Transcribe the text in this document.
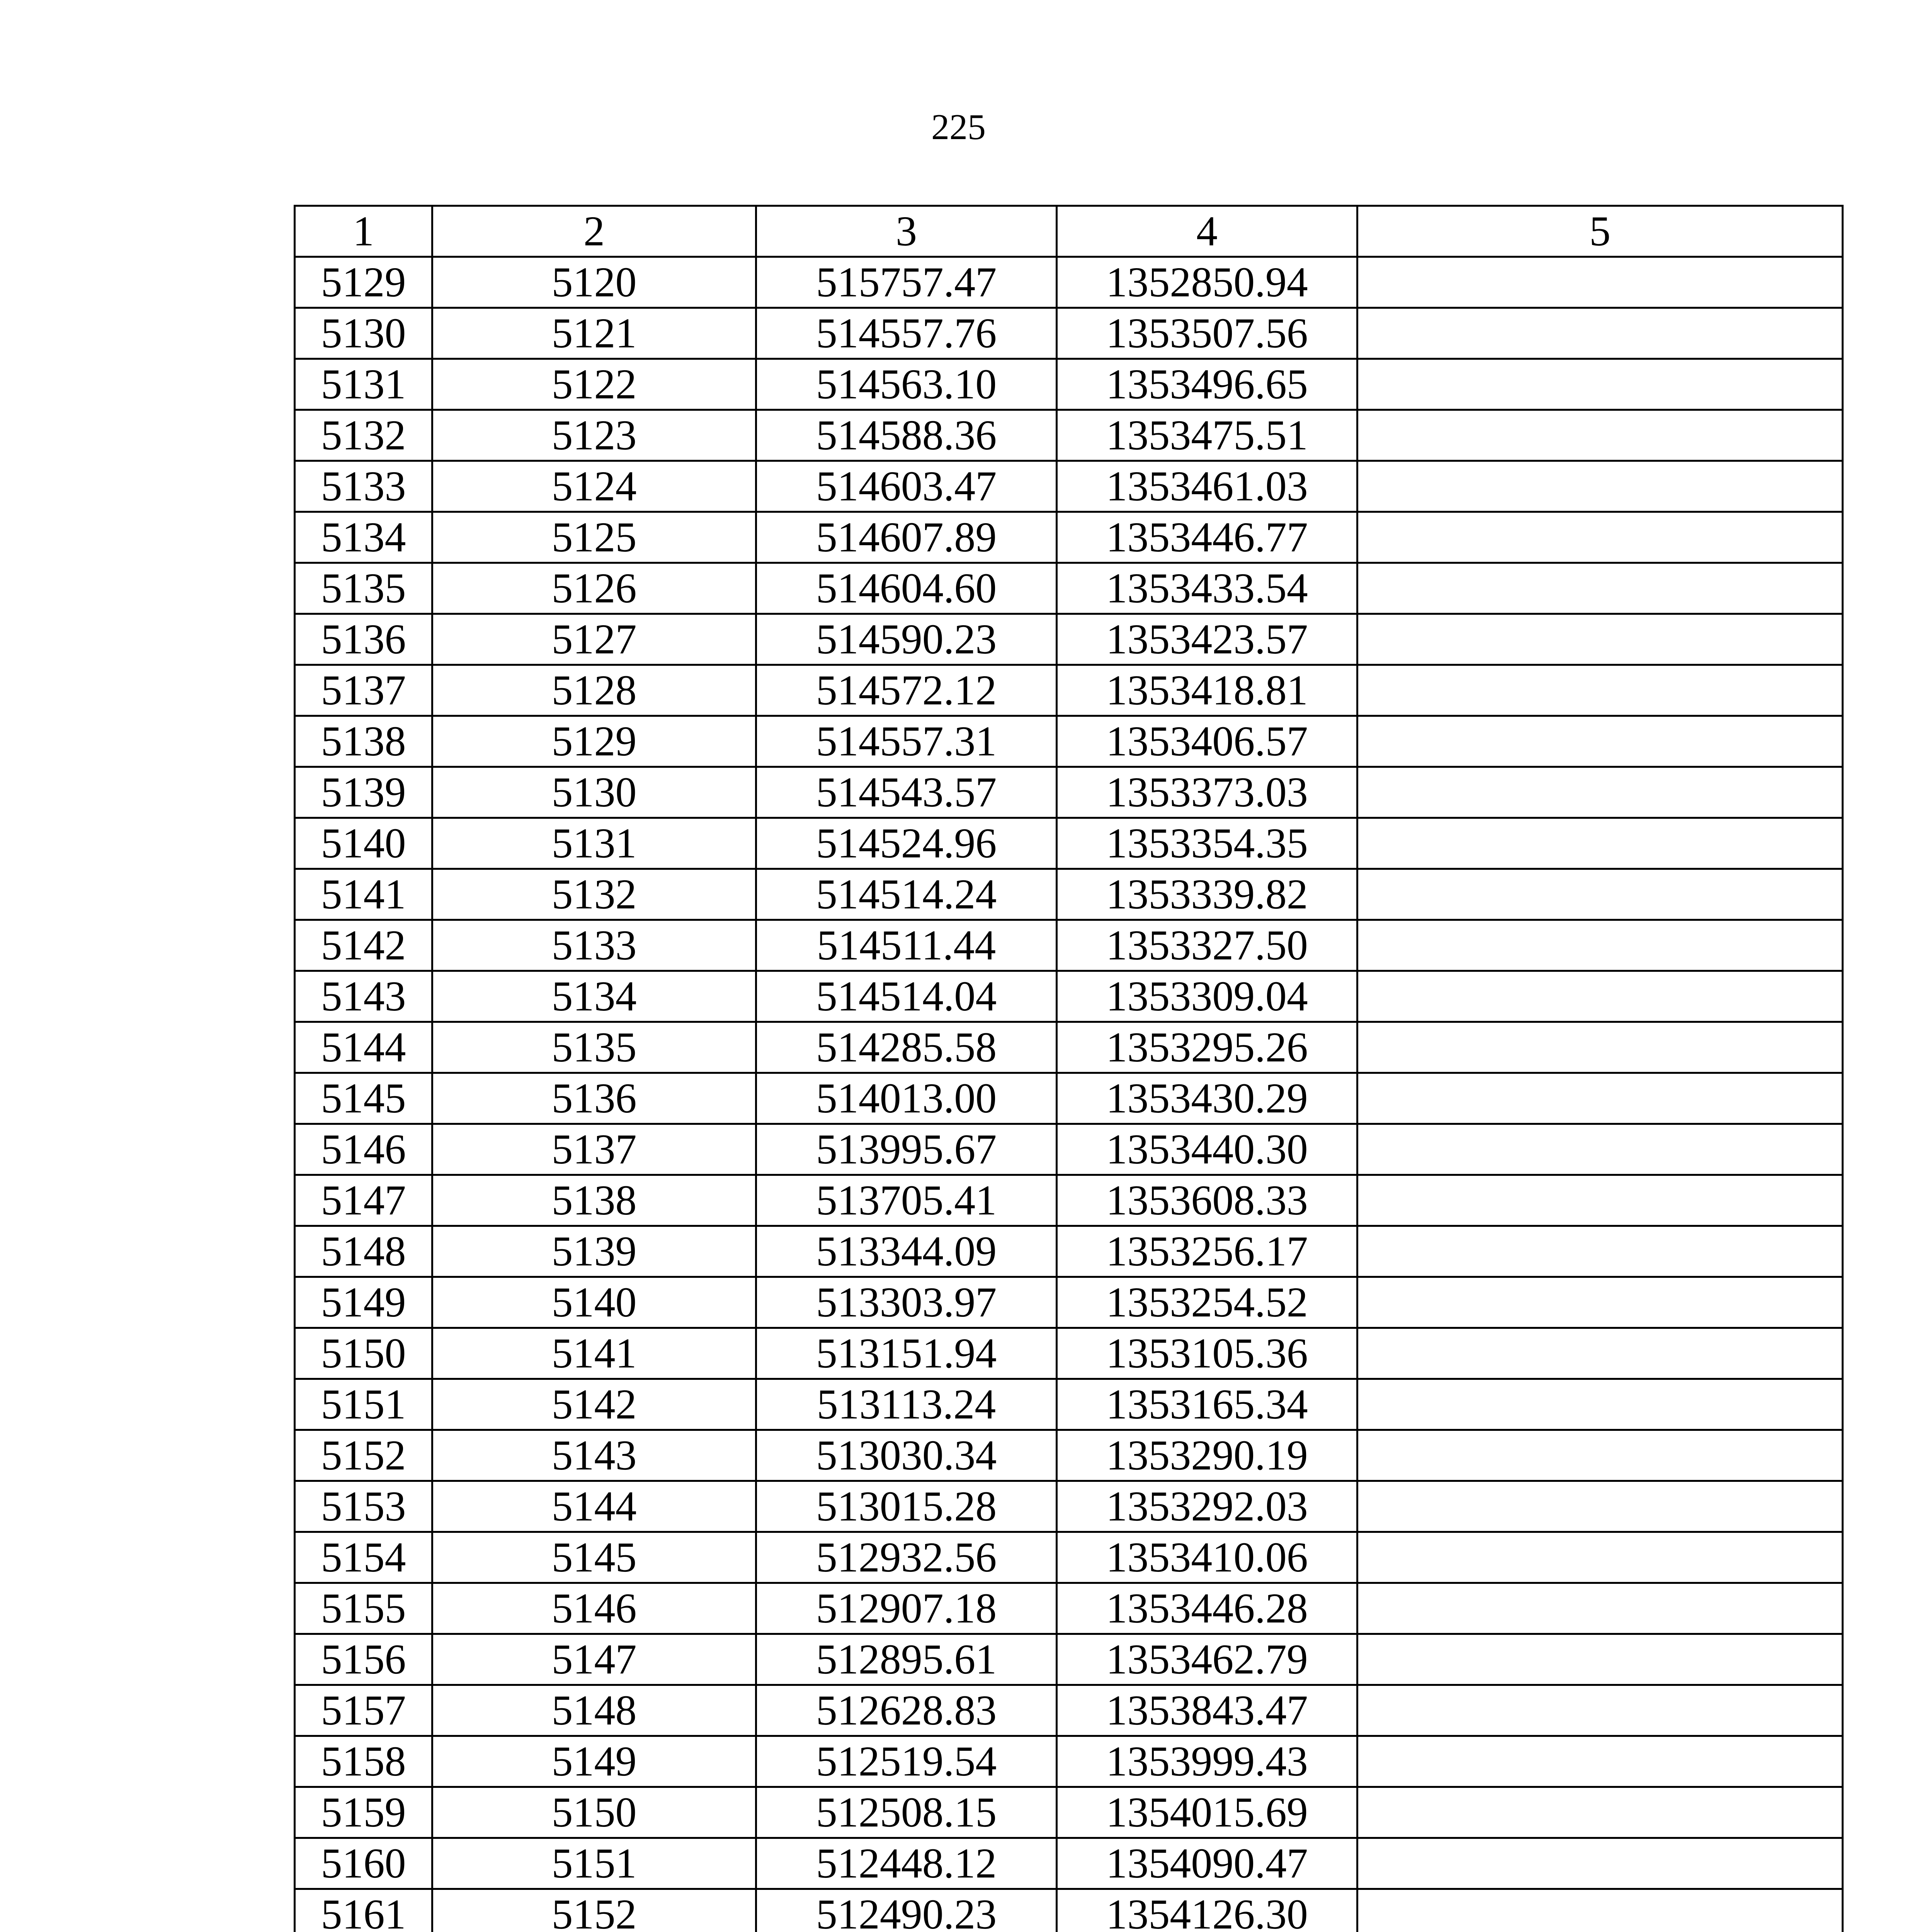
225
1	2	3	4	5
5129	5120	515757.47	1352850.94	
5130	5121	514557.76	1353507.56	
5131	5122	514563.10	1353496.65	
5132	5123	514588.36	1353475.51	
5133	5124	514603.47	1353461.03	
5134	5125	514607.89	1353446.77	
5135	5126	514604.60	1353433.54	
5136	5127	514590.23	1353423.57	
5137	5128	514572.12	1353418.81	
5138	5129	514557.31	1353406.57	
5139	5130	514543.57	1353373.03	
5140	5131	514524.96	1353354.35	
5141	5132	514514.24	1353339.82	
5142	5133	514511.44	1353327.50	
5143	5134	514514.04	1353309.04	
5144	5135	514285.58	1353295.26	
5145	5136	514013.00	1353430.29	
5146	5137	513995.67	1353440.30	
5147	5138	513705.41	1353608.33	
5148	5139	513344.09	1353256.17	
5149	5140	513303.97	1353254.52	
5150	5141	513151.94	1353105.36	
5151	5142	513113.24	1353165.34	
5152	5143	513030.34	1353290.19	
5153	5144	513015.28	1353292.03	
5154	5145	512932.56	1353410.06	
5155	5146	512907.18	1353446.28	
5156	5147	512895.61	1353462.79	
5157	5148	512628.83	1353843.47	
5158	5149	512519.54	1353999.43	
5159	5150	512508.15	1354015.69	
5160	5151	512448.12	1354090.47	
5161	5152	512490.23	1354126.30	
